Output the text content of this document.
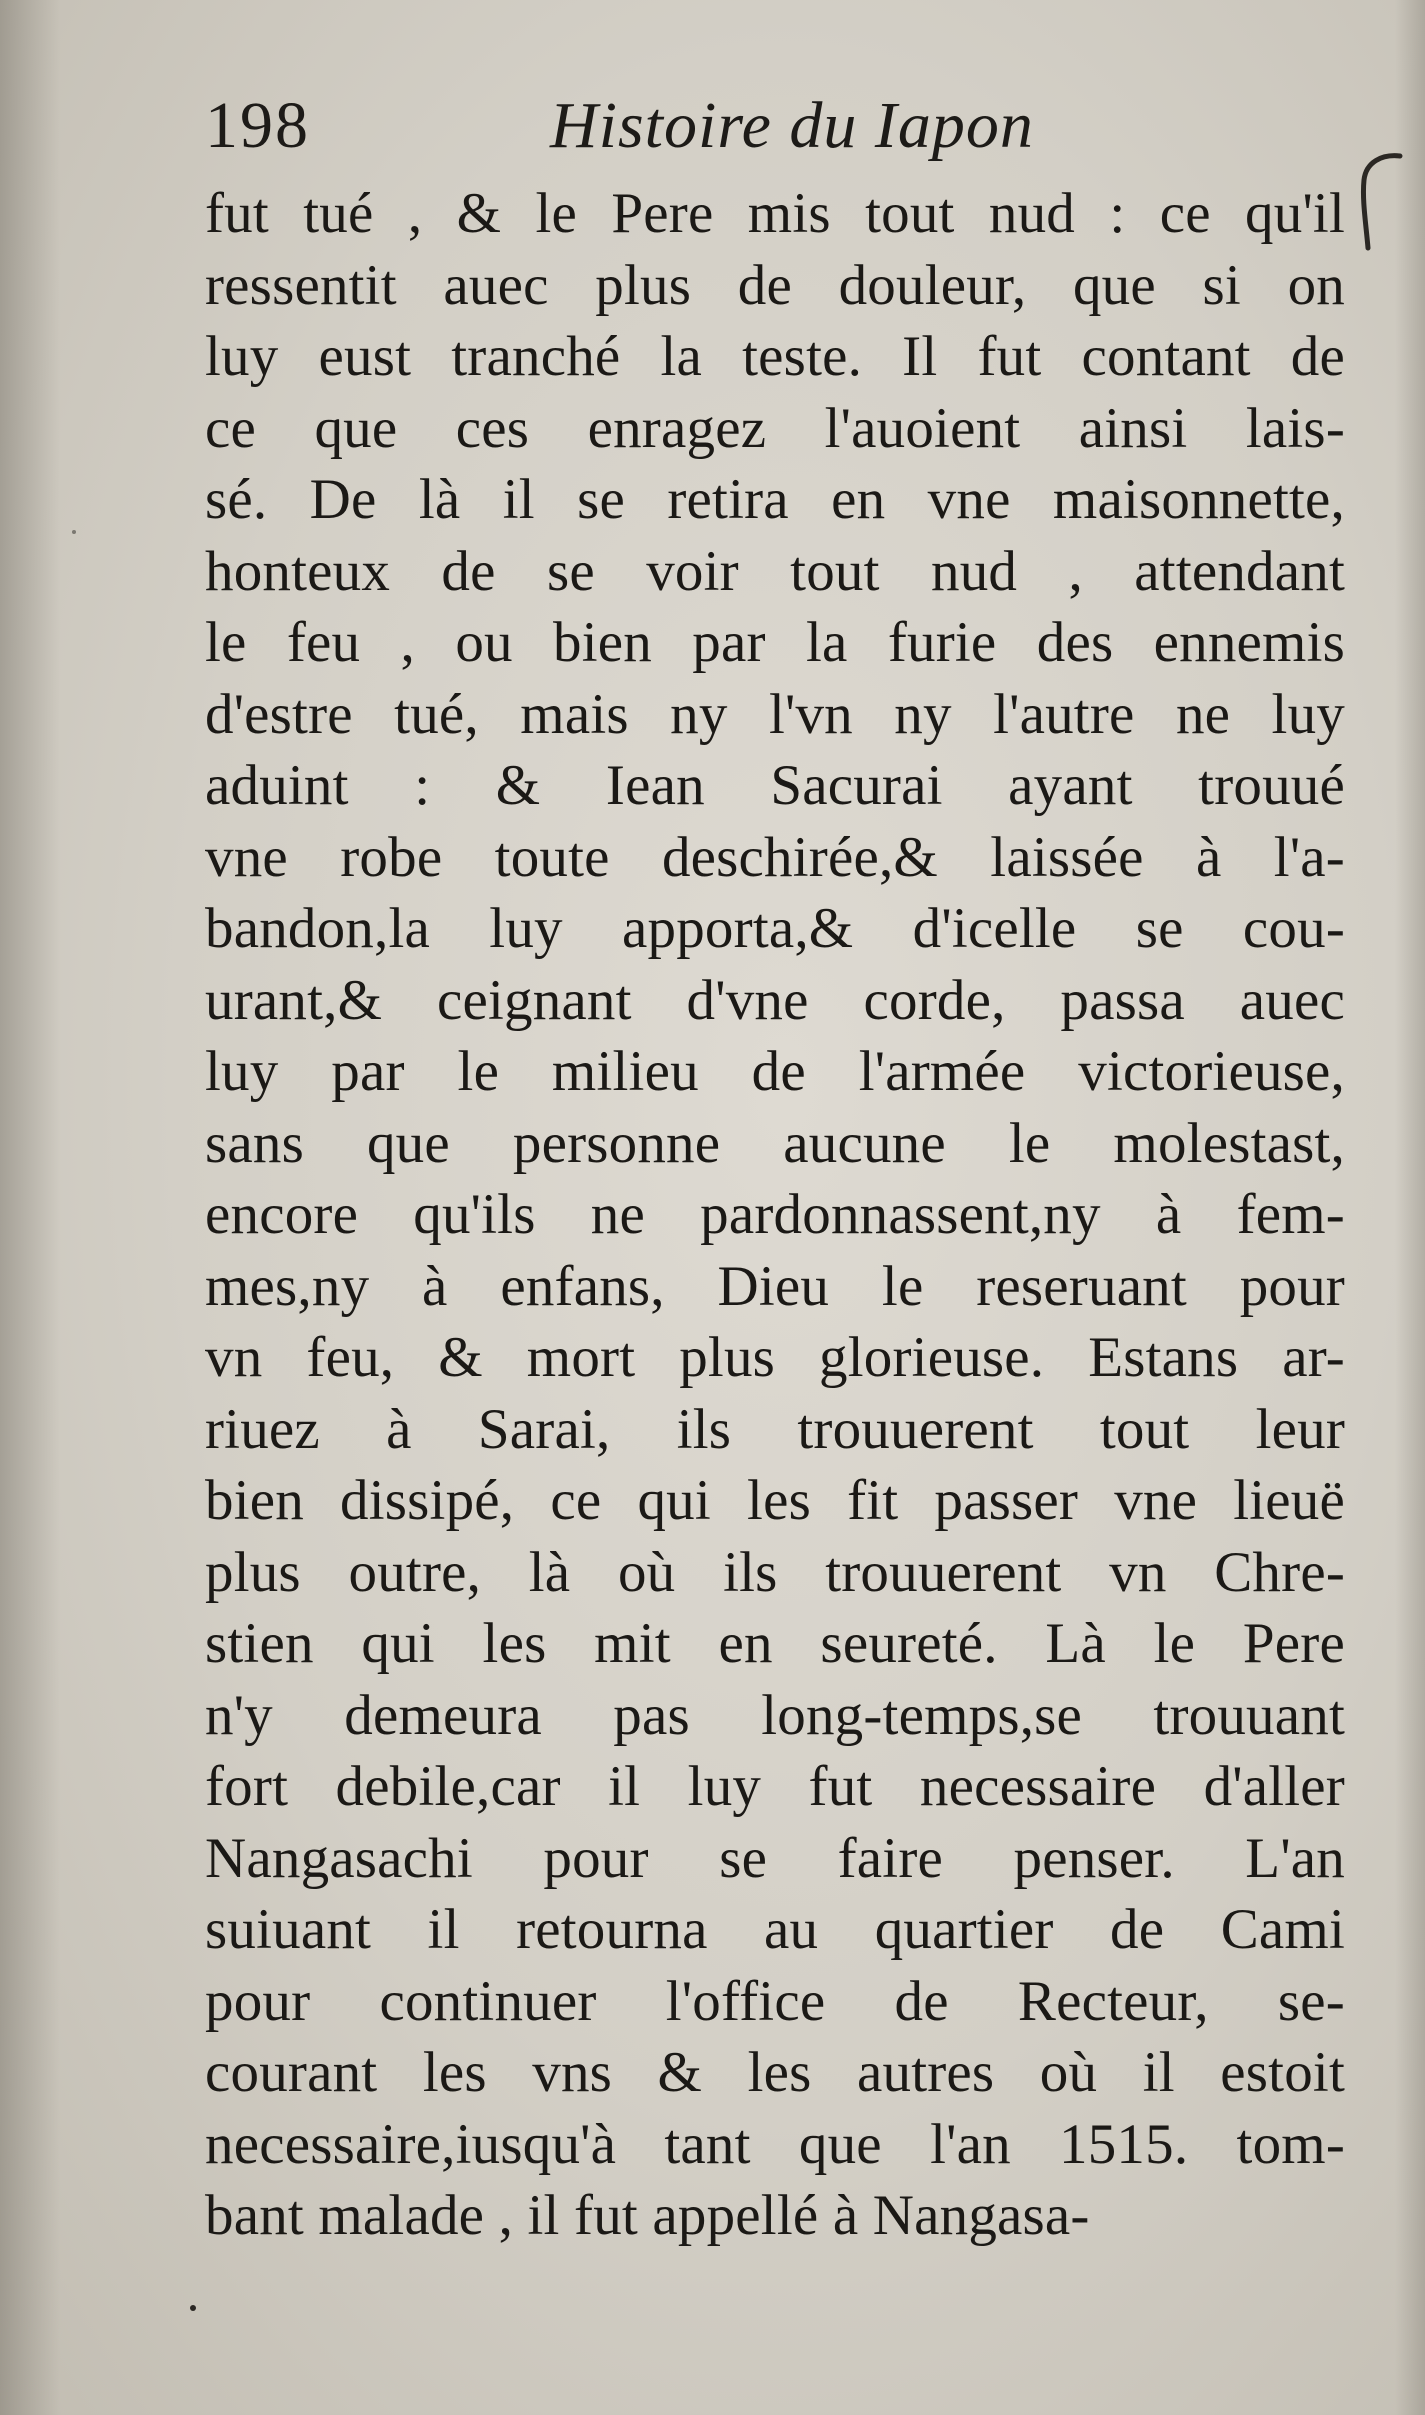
198	Histoire du Iapon
fut tué , & le Pere mis tout nud : ce qu'il
ressentit auec plus de douleur, que si on
luy eust tranché la teste. Il fut contant de
ce que ces enragez l'auoient ainsi lais-
sé. De là il se retira en vne maisonnette,
honteux de se voir tout nud , attendant
le feu , ou bien par la furie des ennemis
d'estre tué, mais ny l'vn ny l'autre ne luy
aduint : & Iean Sacurai ayant trouué
vne robe toute deschirée,& laissée à l'a-
bandon,la luy apporta,& d'icelle se cou-
urant,& ceignant d'vne corde, passa auec
luy par le milieu de l'armée victorieuse,
sans que personne aucune le molestast,
encore qu'ils ne pardonnassent,ny à fem-
mes,ny à enfans, Dieu le reseruant pour
vn feu, & mort plus glorieuse. Estans ar-
riuez à Sarai, ils trouuerent tout leur
bien dissipé, ce qui les fit passer vne lieuë
plus outre, là où ils trouuerent vn Chre-
stien qui les mit en seureté. Là le Pere
n'y demeura pas long-temps,se trouuant
fort debile,car il luy fut necessaire d'aller
Nangasachi pour se faire penser. L'an
suiuant il retourna au quartier de Cami
pour continuer l'office de Recteur, se-
courant les vns & les autres où il estoit
necessaire,iusqu'à tant que l'an 1515. tom-
bant malade , il fut appellé à Nangasa-
